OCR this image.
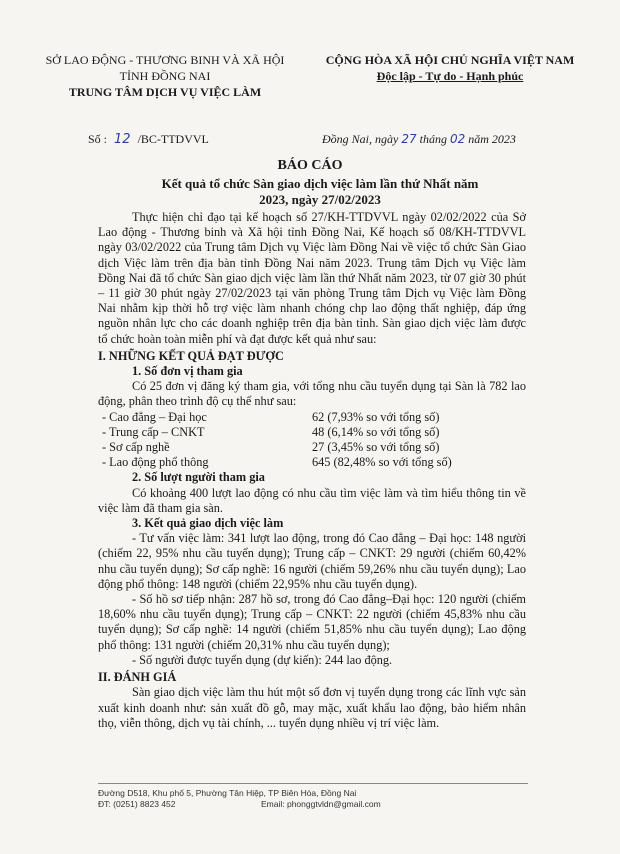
SỞ LAO ĐỘNG - THƯƠNG BINH VÀ XÃ HỘI
TỈNH ĐỒNG NAI
TRUNG TÂM DỊCH VỤ VIỆC LÀM
CỘNG HÒA XÃ HỘI CHỦ NGHĨA VIỆT NAM
Độc lập - Tự do - Hạnh phúc
Số : 12 /BC-TTDVVL	Đồng Nai, ngày 27 tháng 02 năm 2023
BÁO CÁO
Kết quả tổ chức Sàn giao dịch việc làm lần thứ Nhất năm 2023, ngày 27/02/2023

Thực hiện chỉ đạo tại kế hoạch số 27/KH-TTDVVL ngày 02/02/2022 của Sở Lao động - Thương binh và Xã hội tỉnh Đồng Nai, Kế hoạch số 08/KH-TTDVVL ngày 03/02/2022 của Trung tâm Dịch vụ Việc làm Đồng Nai về việc tổ chức Sàn Giao dịch Việc làm trên địa bàn tỉnh Đồng Nai năm 2023. Trung tâm Dịch vụ Việc làm Đồng Nai đã tổ chức Sàn giao dịch việc làm lần thứ Nhất năm 2023, từ 07 giờ 30 phút – 11 giờ 30 phút ngày 27/02/2023 tại văn phòng Trung tâm Dịch vụ Việc làm Đồng Nai nhằm kịp thời hỗ trợ việc làm nhanh chóng chp lao động thất nghiệp, đáp ứng nguồn nhân lực cho các doanh nghiệp trên địa bàn tỉnh. Sàn giao dịch việc làm được tổ chức hoàn toàn miễn phí và đạt được kết quả như sau:

I. NHỮNG KẾT QUẢ ĐẠT ĐƯỢC

1. Số đơn vị tham gia

Có 25 đơn vị đăng ký tham gia, với tổng nhu cầu tuyển dụng tại Sàn là 782 lao động, phân theo trình độ cụ thể như sau:

- Cao đẳng – Đại học	62 (7,93% so với tổng số)
- Trung cấp – CNKT	48 (6,14% so với tổng số)
- Sơ cấp nghề	27 (3,45% so với tổng số)
- Lao động phổ thông	645 (82,48% so với tổng số)

2. Số lượt người tham gia

Có khoảng 400 lượt lao động có nhu cầu tìm việc làm và tìm hiểu thông tin về việc làm đã tham gia sàn.

3. Kết quả giao dịch việc làm

- Tư vấn việc làm: 341 lượt lao động, trong đó Cao đẳng – Đại học: 148 người (chiếm 22, 95% nhu cầu tuyển dụng); Trung cấp – CNKT: 29 người (chiếm 60,42% nhu cầu tuyển dụng); Sơ cấp nghề: 16 người (chiếm 59,26% nhu cầu tuyển dụng); Lao động phổ thông: 148 người (chiếm 22,95% nhu cầu tuyển dụng).

- Số hồ sơ tiếp nhận: 287 hồ sơ, trong đó Cao đẳng–Đại học: 120 người (chiếm 18,60% nhu cầu tuyển dụng); Trung cấp – CNKT: 22 người (chiếm 45,83% nhu cầu tuyển dụng); Sơ cấp nghề: 14 người (chiếm 51,85% nhu cầu tuyển dụng); Lao động phổ thông: 131 người (chiếm 20,31% nhu cầu tuyển dụng);

- Số người được tuyển dụng (dự kiến): 244 lao động.

II. ĐÁNH GIÁ

Sàn giao dịch việc làm thu hút một số đơn vị tuyển dụng trong các lĩnh vực sản xuất kinh doanh như: sản xuất đồ gỗ, may mặc, xuất khẩu lao động, bảo hiểm nhân thọ, viễn thông, dịch vụ tài chính, ... tuyển dụng nhiều vị trí việc làm.

Đường D518, Khu phố 5, Phường Tân Hiệp, TP Biên Hòa, Đồng Nai
ĐT: (0251) 8823 452	Email: phonggtvldn@gmail.com
